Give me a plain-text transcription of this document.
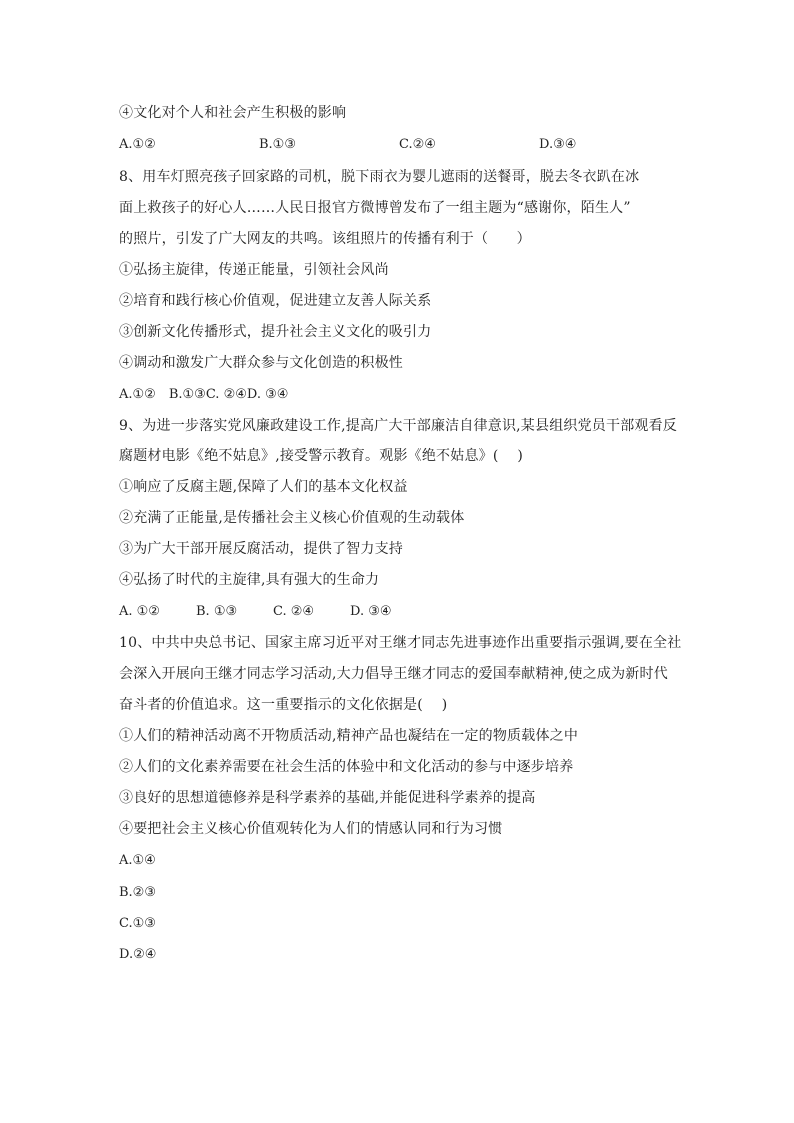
④文化对个人和社会产生积极的影响
A.①②	B.①③	C.②④	D.③④
8、用车灯照亮孩子回家路的司机，脱下雨衣为婴儿遮雨的送餐哥，脱去冬衣趴在冰
面上救孩子的好心人……人民日报官方微博曾发布了一组主题为“感谢你，陌生人”
的照片，引发了广大网友的共鸣。该组照片的传播有利于（　　）
①弘扬主旋律，传递正能量，引领社会风尚
②培育和践行核心价值观，促进建立友善人际关系
③创新文化传播形式，提升社会主义文化的吸引力
④调动和激发广大群众参与文化创造的积极性
A.①②　B.①③C. ②④D. ③④
9、为进一步落实党风廉政建设工作,提高广大干部廉洁自律意识,某县组织党员干部观看反
腐题材电影《绝不姑息》,接受警示教育。观影《绝不姑息》(　 )
①响应了反腐主题,保障了人们的基本文化权益
②充满了正能量,是传播社会主义核心价值观的生动载体
③为广大干部开展反腐活动，提供了智力支持
④弘扬了时代的主旋律,具有强大的生命力
A. ①②	B. ①③	C. ②④	D. ③④
10、中共中央总书记、国家主席习近平对王继才同志先进事迹作出重要指示强调,要在全社
会深入开展向王继才同志学习活动,大力倡导王继才同志的爱国奉献精神,使之成为新时代
奋斗者的价值追求。这一重要指示的文化依据是(　 )
①人们的精神活动离不开物质活动,精神产品也凝结在一定的物质载体之中
②人们的文化素养需要在社会生活的体验中和文化活动的参与中逐步培养
③良好的思想道德修养是科学素养的基础,并能促进科学素养的提高
④要把社会主义核心价值观转化为人们的情感认同和行为习惯
A.①④
B.②③
C.①③
D.②④
